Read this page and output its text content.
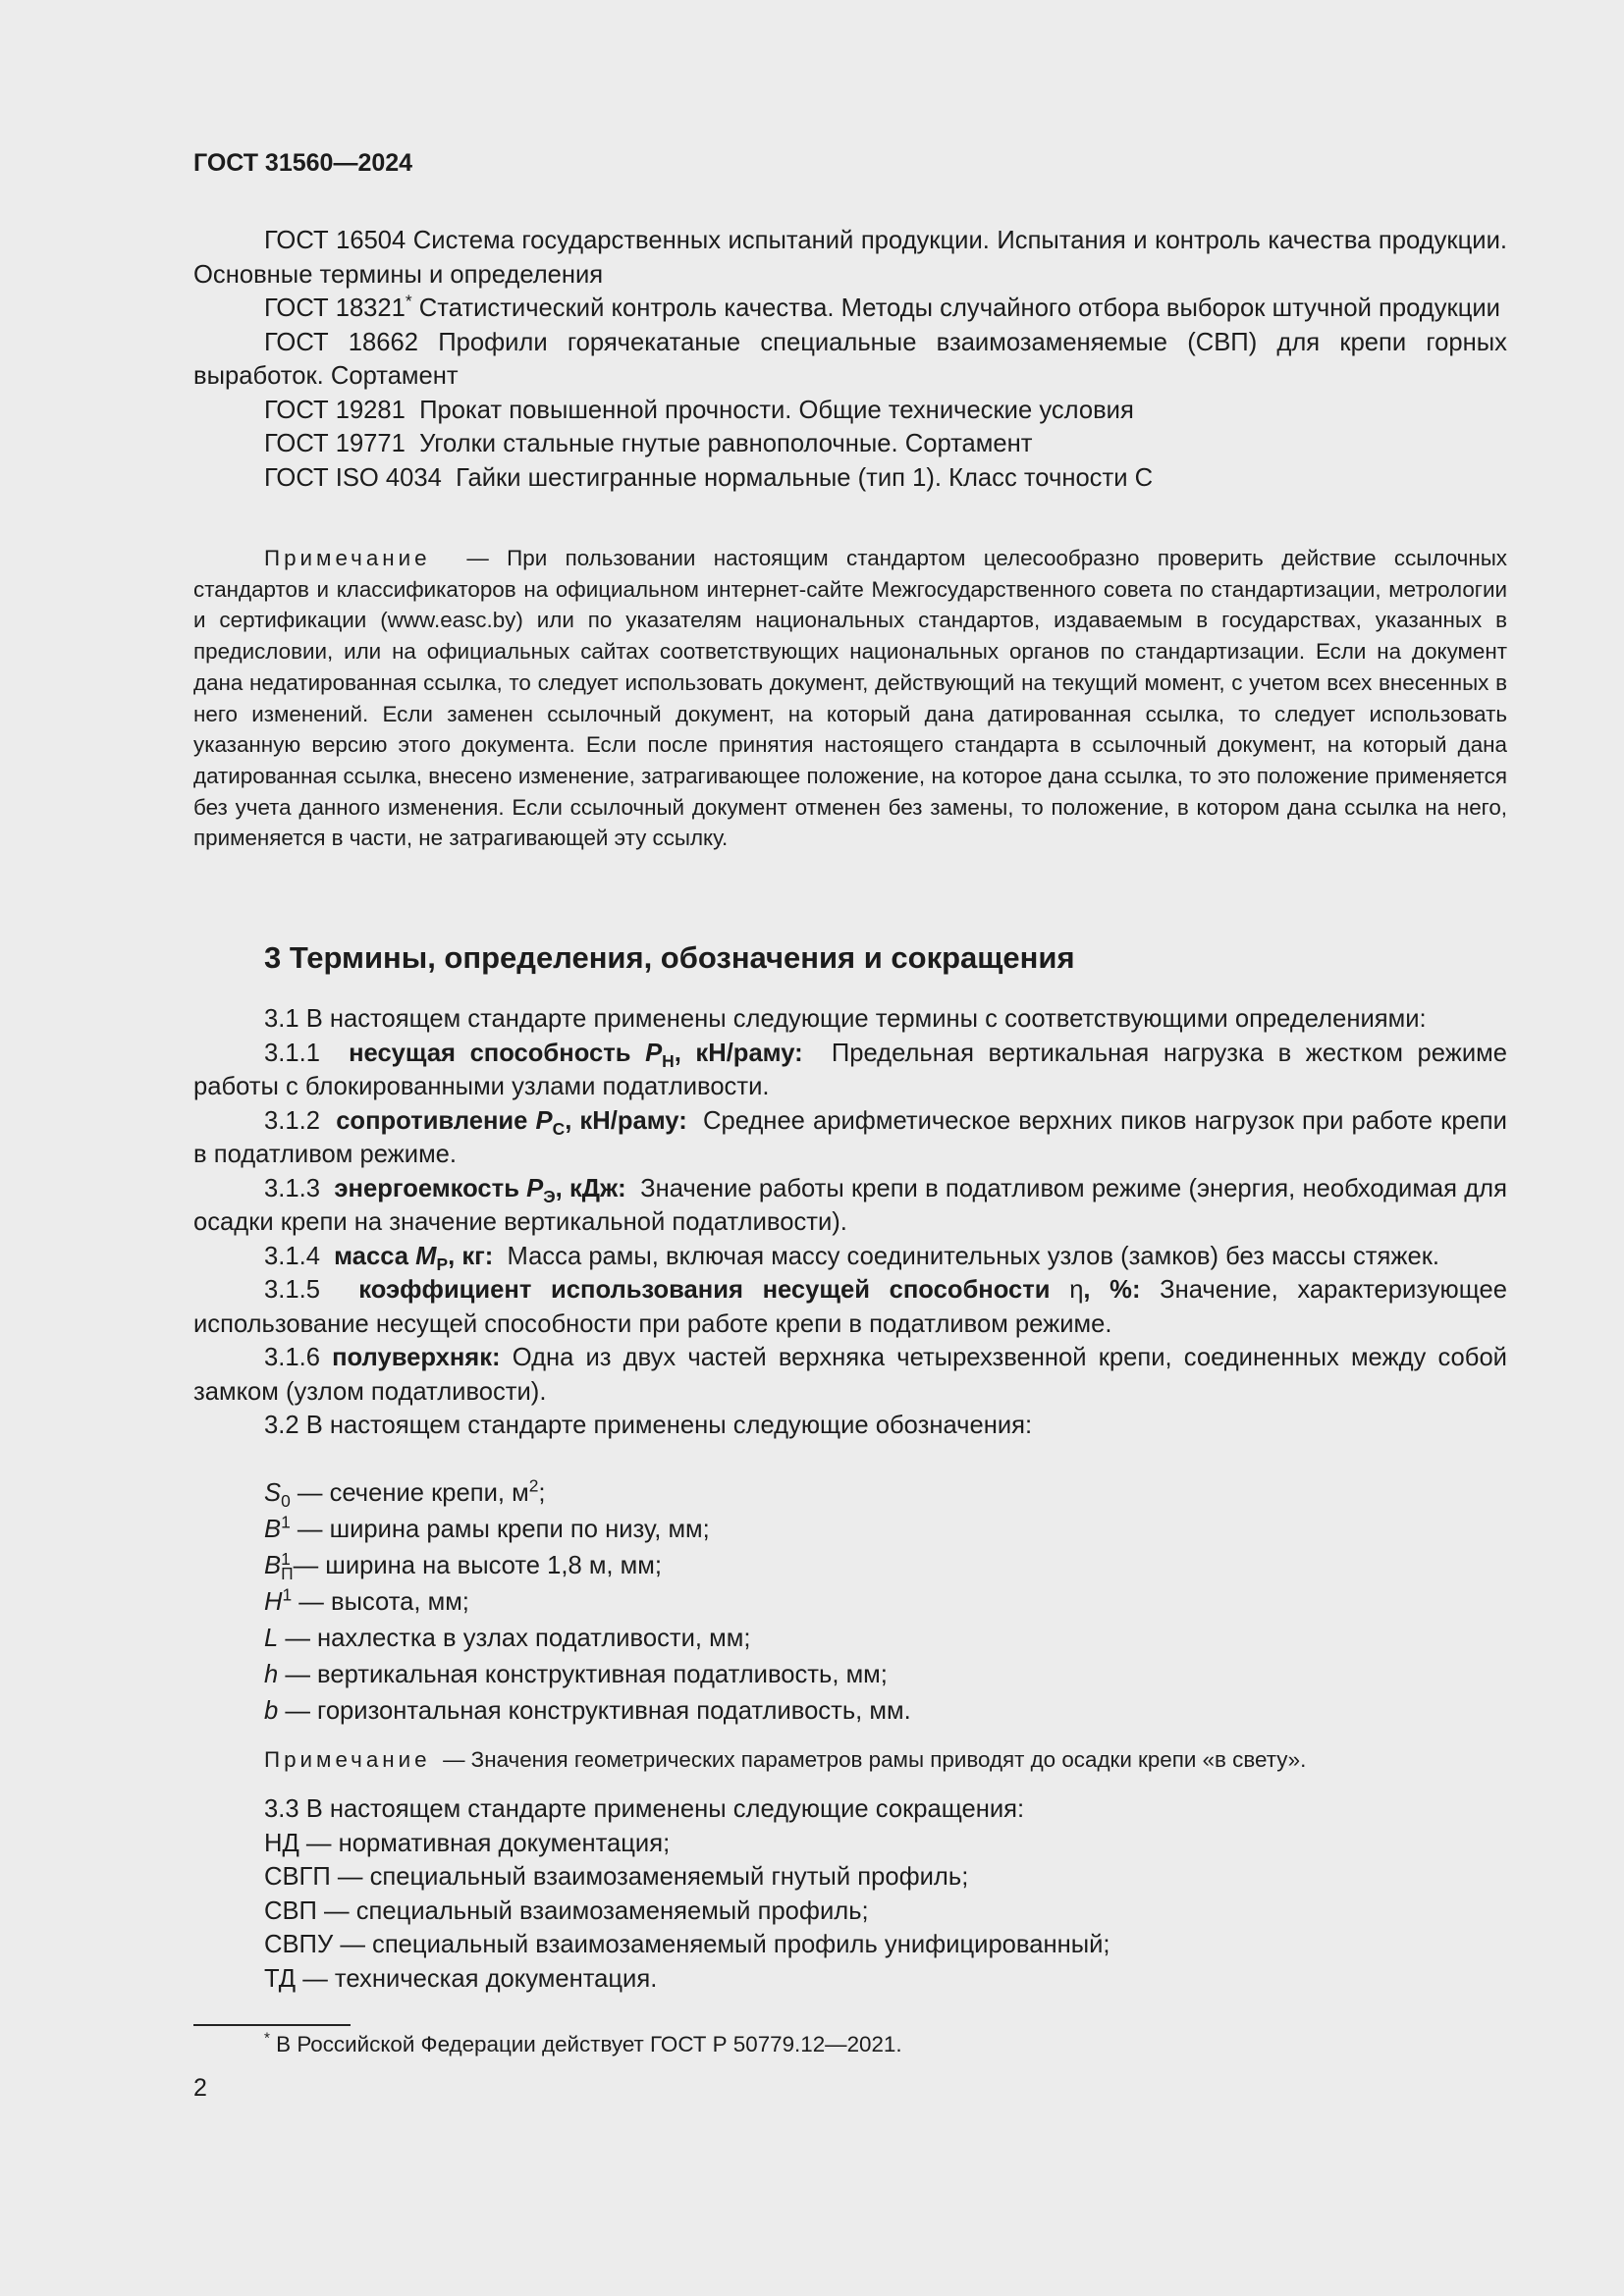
ГОСТ 31560—2024

ГОСТ 16504 Система государственных испытаний продукции. Испытания и контроль качества продукции. Основные термины и определения

ГОСТ 18321* Статистический контроль качества. Методы случайного отбора выборок штучной продукции

ГОСТ 18662 Профили горячекатаные специальные взаимозаменяемые (СВП) для крепи горных выработок. Сортамент

ГОСТ 19281 Прокат повышенной прочности. Общие технические условия

ГОСТ 19771 Уголки стальные гнутые равнополочные. Сортамент

ГОСТ ISO 4034 Гайки шестигранные нормальные (тип 1). Класс точности С

Примечание — При пользовании настоящим стандартом целесообразно проверить действие ссылочных стандартов и классификаторов на официальном интернет-сайте Межгосударственного совета по стандартизации, метрологии и сертификации (www.easc.by) или по указателям национальных стандартов, издаваемым в государствах, указанных в предисловии, или на официальных сайтах соответствующих национальных органов по стандартизации. Если на документ дана недатированная ссылка, то следует использовать документ, действующий на текущий момент, с учетом всех внесенных в него изменений. Если заменен ссылочный документ, на который дана датированная ссылка, то следует использовать указанную версию этого документа. Если после принятия настоящего стандарта в ссылочный документ, на который дана датированная ссылка, внесено изменение, затрагивающее положение, на которое дана ссылка, то это положение применяется без учета данного изменения. Если ссылочный документ отменен без замены, то положение, в котором дана ссылка на него, применяется в части, не затрагивающей эту ссылку.

3 Термины, определения, обозначения и сокращения

3.1 В настоящем стандарте применены следующие термины с соответствующими определениями:

3.1.1 несущая способность $P_Н$, кН/раму: Предельная вертикальная нагрузка в жестком режиме работы с блокированными узлами податливости.

3.1.2 сопротивление $P_С$, кН/раму: Среднее арифметическое верхних пиков нагрузок при работе крепи в податливом режиме.

3.1.3 энергоемкость $P_Э$, кДж: Значение работы крепи в податливом режиме (энергия, необходимая для осадки крепи на значение вертикальной податливости).

3.1.4 масса $M_Р$, кг: Масса рамы, включая массу соединительных узлов (замков) без массы стяжек.

3.1.5 коэффициент использования несущей способности η, %: Значение, характеризующее использование несущей способности при работе крепи в податливом режиме.

3.1.6 полуверхняк: Одна из двух частей верхняка четырехзвенной крепи, соединенных между собой замком (узлом податливости).

3.2 В настоящем стандарте применены следующие обозначения:

$S_0$ — сечение крепи, $м^2$;

$B^1$ — ширина рамы крепи по низу, мм;

B 1
П — ширина на высоте 1,8 м, мм;

$H^1$ — высота, мм;

L — нахлестка в узлах податливости, мм;

h — вертикальная конструктивная податливость, мм;

b — горизонтальная конструктивная податливость, мм.

Примечание — Значения геометрических параметров рамы приводят до осадки крепи «в свету».

3.3 В настоящем стандарте применены следующие сокращения:

НД — нормативная документация;

СВГП — специальный взаимозаменяемый гнутый профиль;

СВП — специальный взаимозаменяемый профиль;

СВПУ — специальный взаимозаменяемый профиль унифицированный;

ТД — техническая документация.

* В Российской Федерации действует ГОСТ Р 50779.12—2021.
2
